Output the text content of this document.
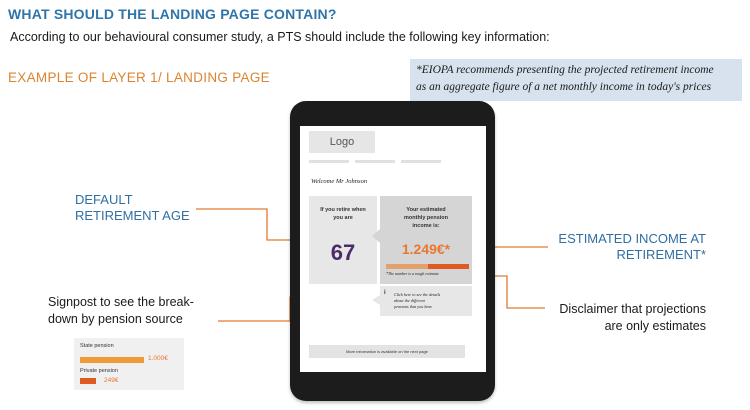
WHAT SHOULD THE LANDING PAGE CONTAIN?
According to our behavioural consumer study, a PTS should include the following key information:
EXAMPLE OF LAYER 1/ LANDING PAGE	*EIOPA recommends presenting the projected retirement income
as an aggregate figure of a net monthly income in today's prices
DEFAULT
RETIREMENT AGE
ESTIMATED INCOME AT
RETIREMENT*
Signpost to see the break-
down by pension source
Disclaimer that projections
are only estimates
Logo
Welcome Mr Johnson
If you retire when
you are
67
Your estimated
monthly pension
income is:
1.249€*
*The number is a rough estimate
i Click here to see the details
about the different
pensions that you have
More information is available on the next page
State pension
1.000€
Private pension
249€
